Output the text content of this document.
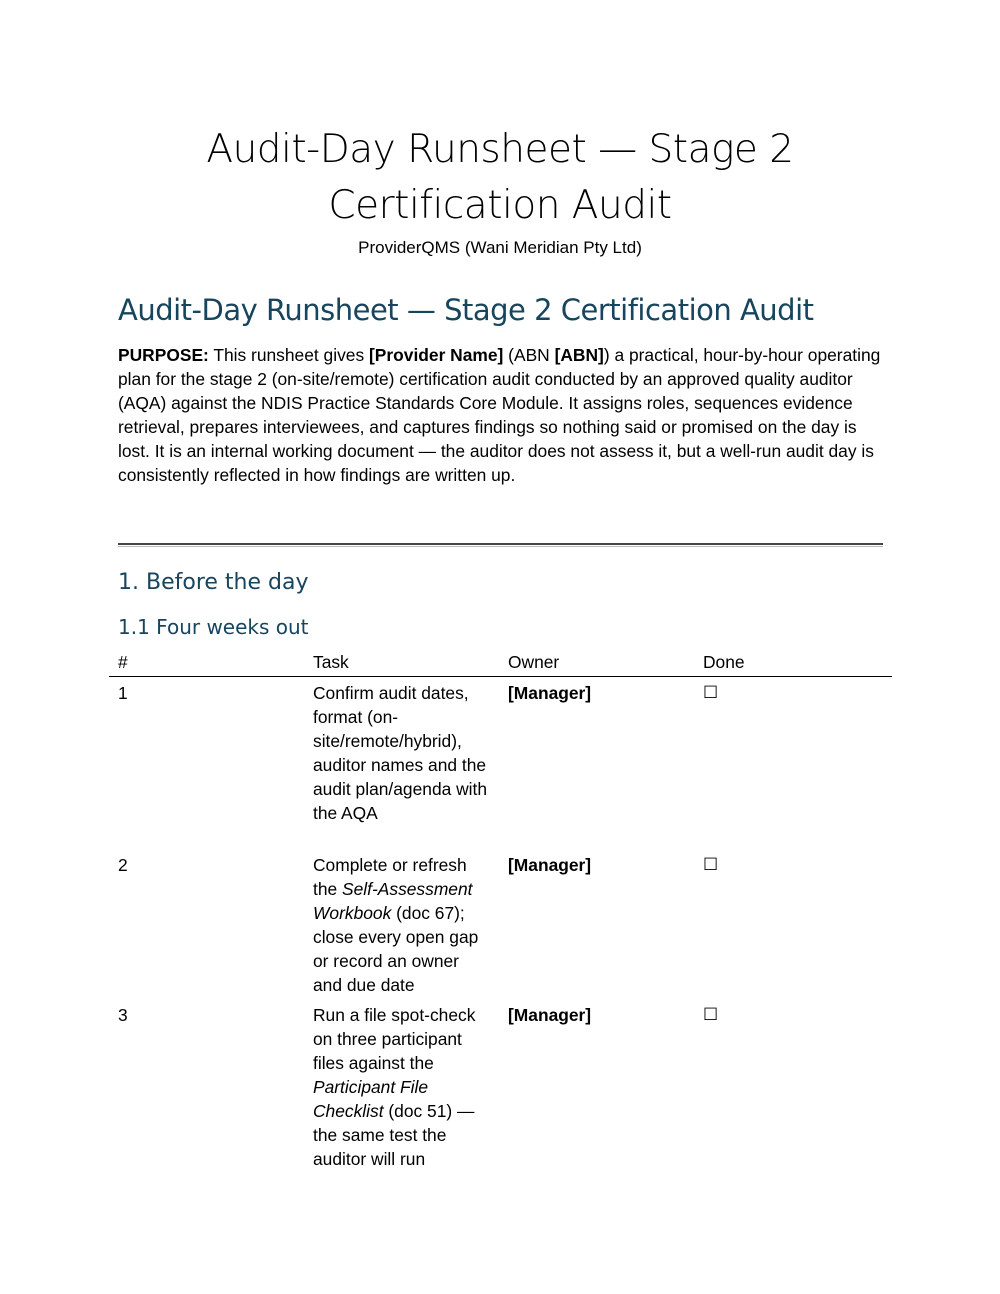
Audit-Day Runsheet — Stage 2
Certification Audit
ProviderQMS (Wani Meridian Pty Ltd)
Audit-Day Runsheet — Stage 2 Certification Audit

PURPOSE: This runsheet gives [Provider Name] (ABN [ABN]) a practical, hour-by-hour operating plan for the stage 2 (on-site/remote) certification audit conducted by an approved quality auditor (AQA) against the NDIS Practice Standards Core Module. It assigns roles, sequences evidence retrieval, prepares interviewees, and captures findings so nothing said or promised on the day is lost. It is an internal working document — the auditor does not assess it, but a well-run audit day is consistently reflected in how findings are written up.

1. Before the day
1.1 Four weeks out
#	Task	Owner	Done
1	Confirm audit dates, format (on-site/remote/hybrid), auditor names and the audit plan/agenda with the AQA	[Manager]	☐
2	Complete or refresh the Self-Assessment Workbook (doc 67); close every open gap or record an owner and due date	[Manager]	☐
3	Run a file spot-check on three participant files against the Participant File Checklist (doc 51) — the same test the auditor will run	[Manager]	☐
